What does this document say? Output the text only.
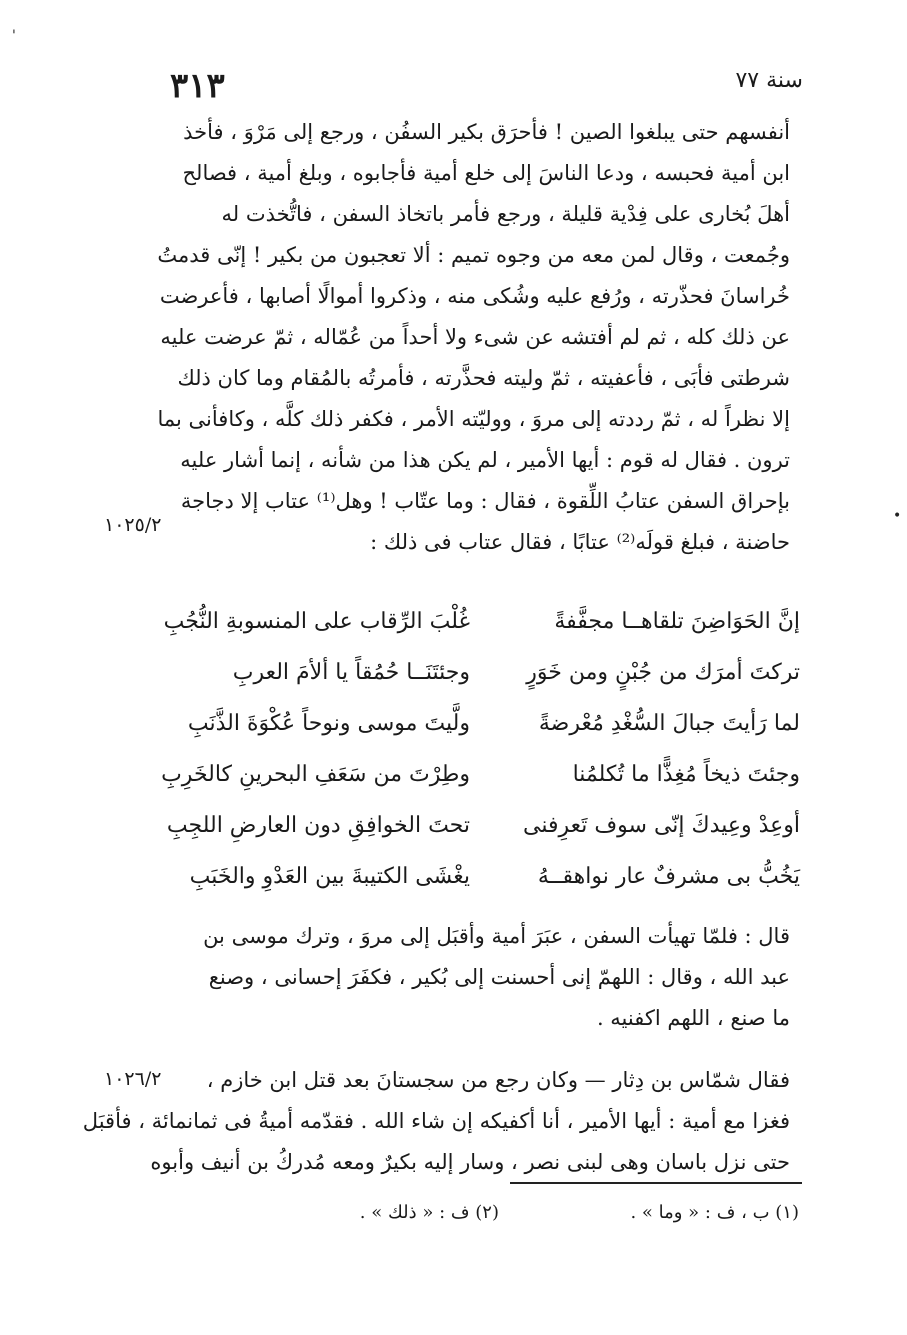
'
•
٣١٣	سنة ٧٧
أنفسهم حتى يبلغوا الصين ! فأحرَق بكير السفُن ، ورجع إلى مَرْوَ ، فأخذ
ابن أمية فحبسه ، ودعا الناسَ إلى خلع أمية فأجابوه ، وبلغ أمية ، فصالح
أهلَ بُخارى على فِدْية قليلة ، ورجع فأمر باتخاذ السفن ، فاتُّخذت له
وجُمعت ، وقال لمن معه من وجوه تميم : ألا تعجبون من بكير ! إنّى قدمتُ
خُراسانَ فحذّرته ، ورُفع عليه وشُكى منه ، وذكروا أموالًا أصابها ، فأعرضت
عن ذلك كله ، ثم لم أفتشه عن شىء ولا أحداً من عُمّاله ، ثمّ عرضت عليه
شرطتى فأبَى ، فأعفيته ، ثمّ وليته فحذَّرته ، فأمرتُه بالمُقام وما كان ذلك
إلا نظراً له ، ثمّ رددته إلى مروَ ، ووليّته الأمر ، فكفر ذلك كلَّه ، وكافأنى بما
ترون . فقال له قوم : أيها الأمير ، لم يكن هذا من شأنه ، إنما أشار عليه
بإحراق السفن عتابُ اللِّقوة ، فقال : وما عتّاب ! وهل⁽¹⁾ عتاب إلا دجاجة
حاضنة ، فبلغ قولَه⁽²⁾ عتابًا ، فقال عتاب فى ذلك :
١٠٢٥/٢
إنَّ الحَوَاضِنَ تلقاهــا مجفَّفةً
غُلْبَ الرِّقاب على المنسوبةِ النُّجُبِ
تركتَ أمرَك من جُبْنٍ ومن خَوَرٍ
وجئتَنَــا حُمُقاً يا ألأمَ العربِ
لما رَأيتَ جبالَ السُّغْدِ مُعْرضةً
ولَّيتَ موسى ونوحاً عُكْوَةَ الذَّنَبِ
وجئتَ ذيخاً مُغِذًّا ما تُكلمُنا
وطِرْتَ من سَعَفِ البحرينِ كالخَرِبِ
أوعِدْ وعِيدكَ إنّى سوف تَعرِفنى
تحتَ الخوافِقِ دون العارضِ اللجِبِ
يَخُبُّ بى مشرفٌ عار نواهقــهُ
يغْشَى الكتيبةَ بين العَدْوِ والخَبَبِ
قال : فلمّا تهيأت السفن ، عبَرَ أمية وأقبَل إلى مروَ ، وترك موسى بن
عبد الله ، وقال : اللهمّ إنى أحسنت إلى بُكير ، فكفَرَ إحسانى ، وصنع
ما صنع ، اللهم اكفنيه .
فقال شمّاس بن دِثار — وكان رجع من سجستانَ بعد قتل ابن خازم ،
فغزا مع أمية : أيها الأمير ، أنا أكفيكه إن شاء الله . فقدّمه أميةُ فى ثمانمائة ، فأقبَل
حتى نزل باسان وهى لبنى نصر ، وسار إليه بكيرٌ ومعه مُدركُ بن أنيف وأبوه
١٠٢٦/٢
(١) ب ، ف : « وما » .
(٢) ف : « ذلك » .
